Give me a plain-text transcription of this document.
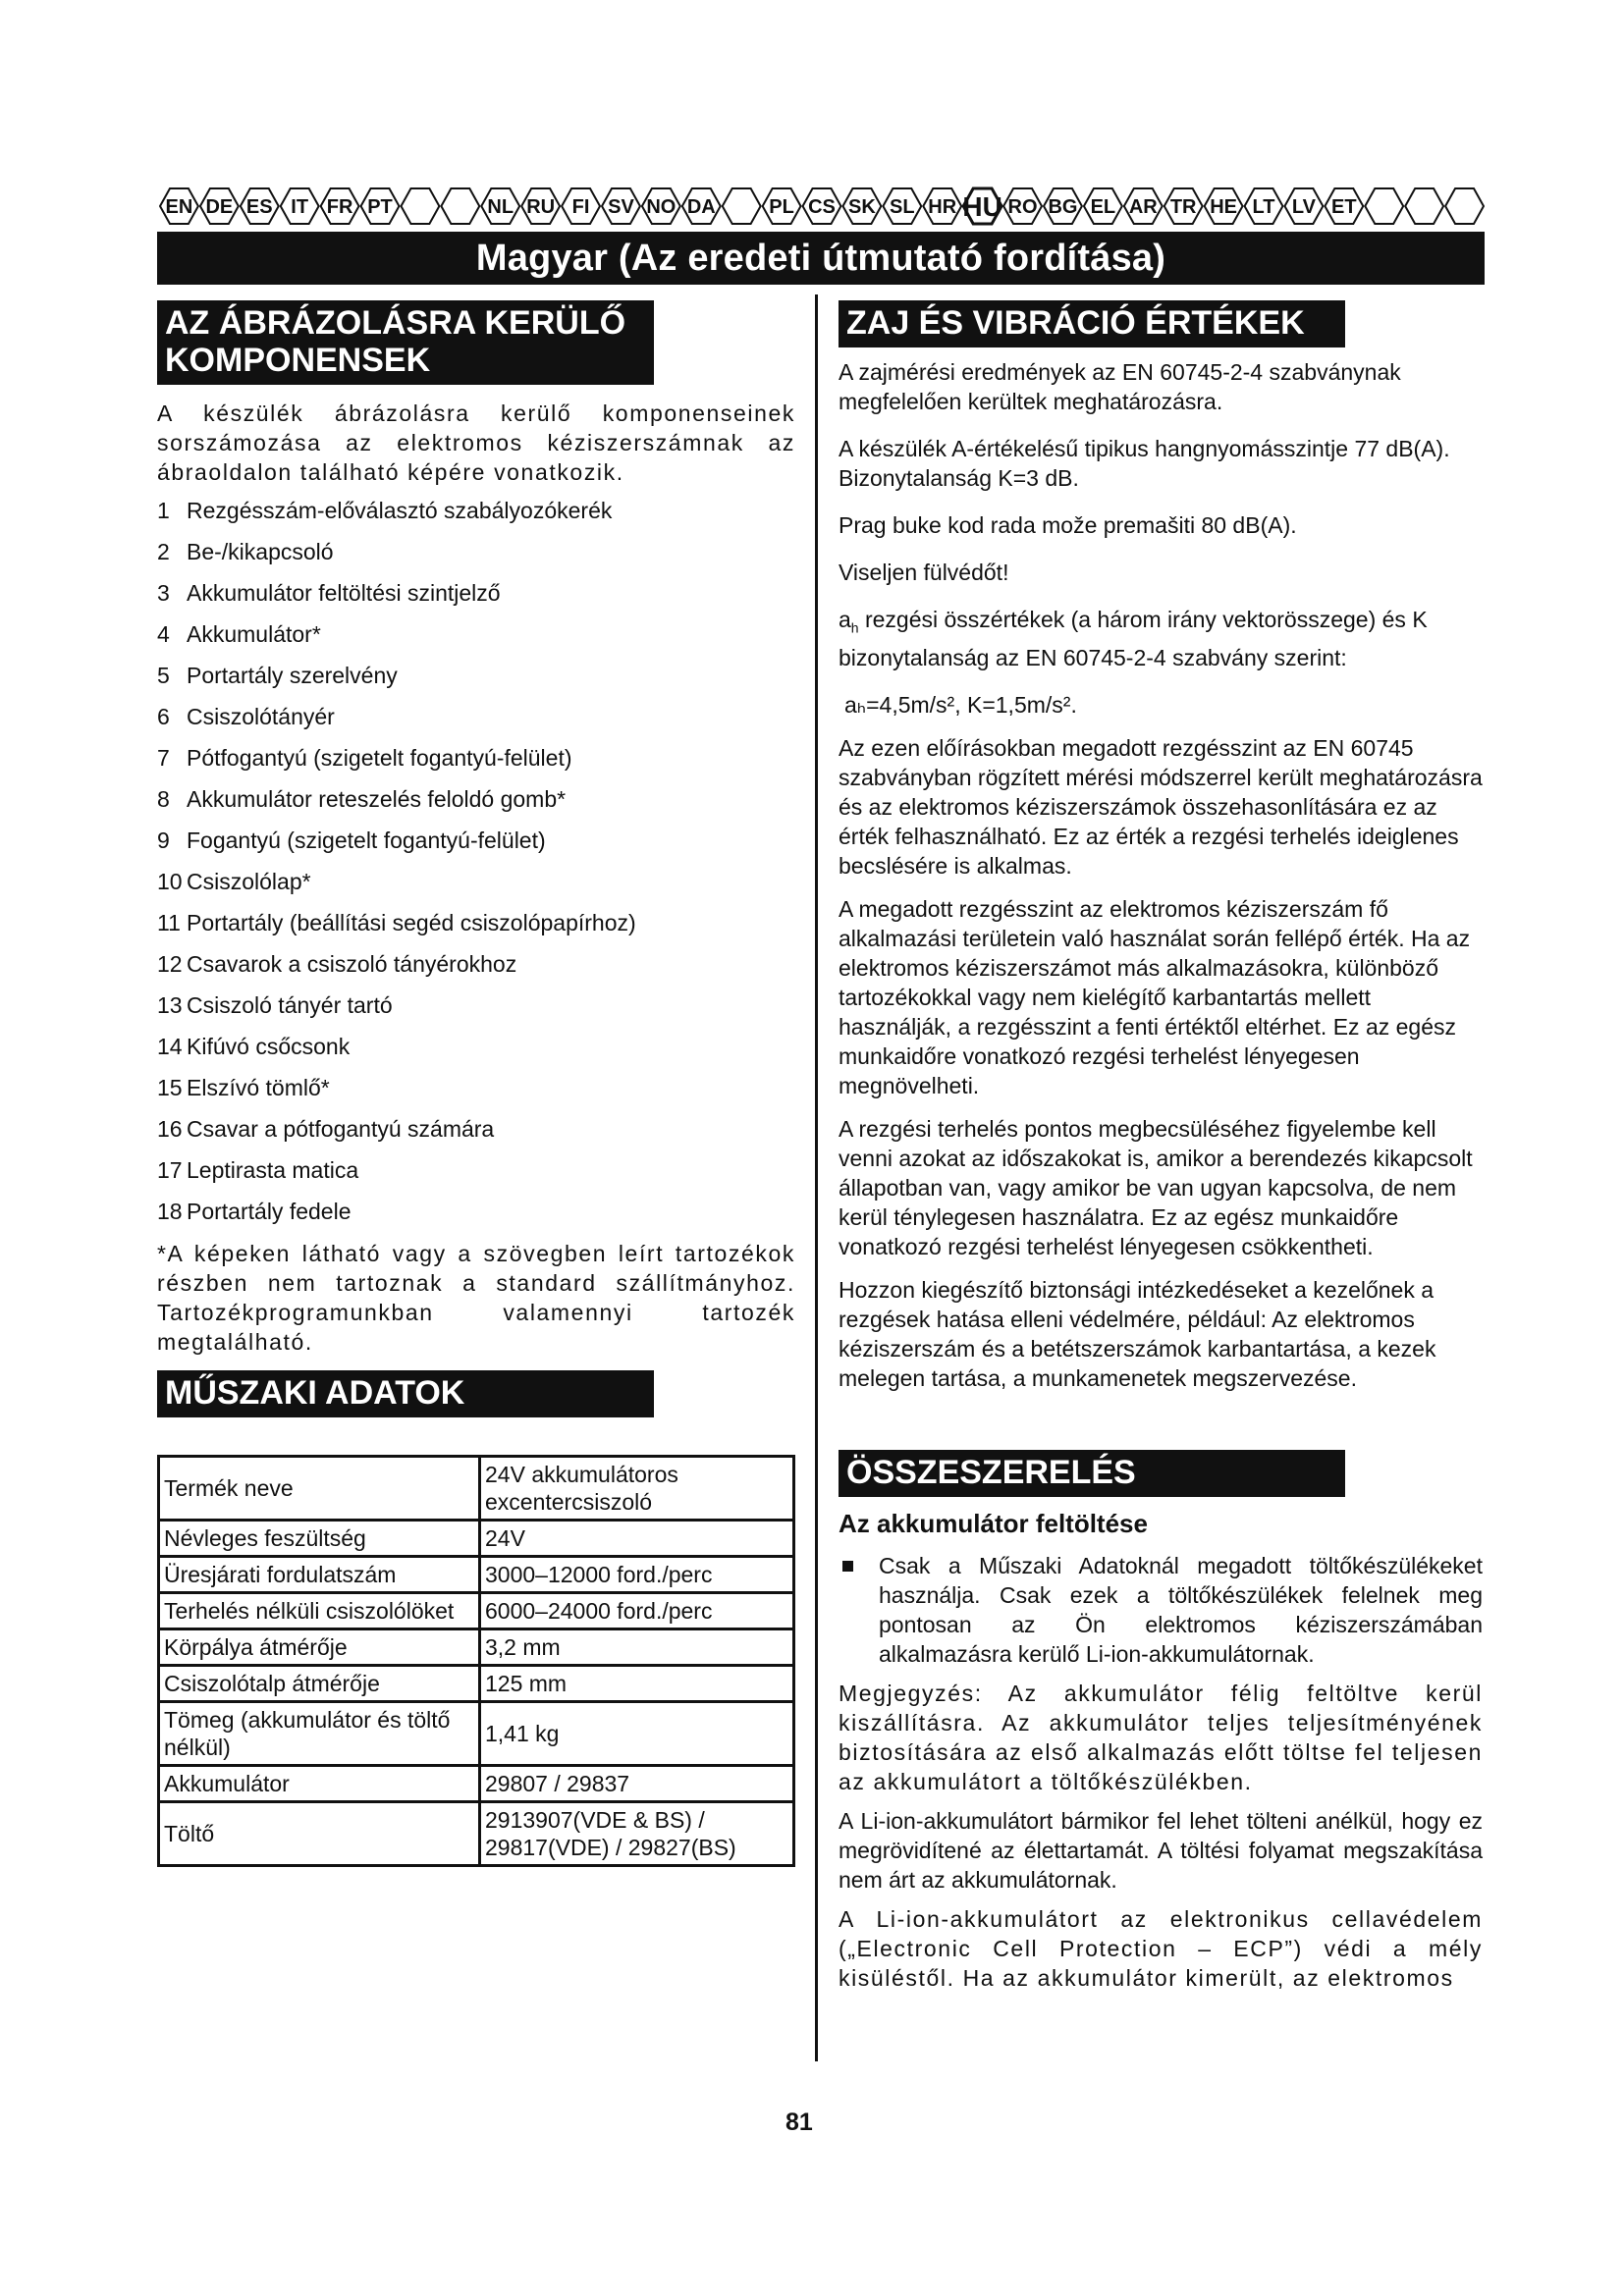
EN DE ES IT FR PT	NL RU FI SV NO DA	PL CS SK SL HR HU RO BG EL AR TR HE LT LV ET
Magyar (Az eredeti útmutató fordítása)
AZ ÁBRÁZOLÁSRA KERÜLŐ KOMPONENSEK

A készülék ábrázolásra kerülő komponenseinek sorszámozása az elektromos kéziszerszámnak az ábraoldalon található képére vonatkozik.

1 Rezgésszám-előválasztó szabályozókerék
2 Be-/kikapcsoló
3 Akkumulátor feltöltési szintjelző
4 Akkumulátor*
5 Portartály szerelvény
6 Csiszolótányér
7 Pótfogantyú (szigetelt fogantyú-felület)
8 Akkumulátor reteszelés feloldó gomb*
9 Fogantyú (szigetelt fogantyú-felület)
10 Csiszolólap*
11 Portartály (beállítási segéd csiszolópapírhoz)
12 Csavarok a csiszoló tányérokhoz
13 Csiszoló tányér tartó
14 Kifúvó csőcsonk
15 Elszívó tömlő*
16 Csavar a pótfogantyú számára
17 Leptirasta matica
18 Portartály fedele

*A képeken látható vagy a szövegben leírt tartozékok részben nem tartoznak a standard szállítmányhoz. Tartozékprogramunkban valamennyi tartozék megtalálható.

MŰSZAKI ADATOK
Termék neve	24V akkumulátoros excentercsiszoló
Névleges feszültség	24V
Üresjárati fordulatszám	3000–12000 ford./perc
Terhelés nélküli csiszolólöket	6000–24000 ford./perc
Körpálya átmérője	3,2 mm
Csiszolótalp átmérője	125 mm
Tömeg (akkumulátor és töltő nélkül)	1,41 kg
Akkumulátor	29807 / 29837
Töltő	2913907(VDE & BS) / 29817(VDE) / 29827(BS)
ZAJ ÉS VIBRÁCIÓ ÉRTÉKEK

A zajmérési eredmények az EN 60745-2-4 szabványnak megfelelően kerültek meghatározásra.

A készülék A-értékelésű tipikus hangnyomásszintje 77 dB(A). Bizonytalanság K=3 dB.

Prag buke kod rada može premašiti 80 dB(A).

Viseljen fülvédőt!

$a_h$ rezgési összértékek (a három irány vektorösszege) és K bizonytalanság az EN 60745-2-4 szabvány szerint:

aₕ=4,5m/s², K=1,5m/s².

Az ezen előírásokban megadott rezgésszint az EN 60745 szabványban rögzített mérési módszerrel került meghatározásra és az elektromos kéziszerszámok összehasonlítására ez az érték felhasználható. Ez az érték a rezgési terhelés ideiglenes becslésére is alkalmas.

A megadott rezgésszint az elektromos kéziszerszám fő alkalmazási területein való használat során fellépő érték. Ha az elektromos kéziszerszámot más alkalmazásokra, különböző tartozékokkal vagy nem kielégítő karbantartás mellett használják, a rezgésszint a fenti értéktől eltérhet. Ez az egész munkaidőre vonatkozó rezgési terhelést lényegesen megnövelheti.

A rezgési terhelés pontos megbecsüléséhez figyelembe kell venni azokat az időszakokat is, amikor a berendezés kikapcsolt állapotban van, vagy amikor be van ugyan kapcsolva, de nem kerül ténylegesen használatra. Ez az egész munkaidőre vonatkozó rezgési terhelést lényegesen csökkentheti.

Hozzon kiegészítő biztonsági intézkedéseket a kezelőnek a rezgések hatása elleni védelmére, például: Az elektromos kéziszerszám és a betétszerszámok karbantartása, a kezek melegen tartása, a munkamenetek megszervezése.

ÖSSZESZERELÉS
Az akkumulátor feltöltése

Csak a Műszaki Adatoknál megadott töltőkészülékeket használja. Csak ezek a töltőkészülékek felelnek meg pontosan az Ön elektromos kéziszerszámában alkalmazásra kerülő Li-ion-akkumulátornak.

Megjegyzés: Az akkumulátor félig feltöltve kerül kiszállításra. Az akkumulátor teljes teljesítményének biztosítására az első alkalmazás előtt töltse fel teljesen az akkumulátort a töltőkészülékben.

A Li-ion-akkumulátort bármikor fel lehet tölteni anélkül, hogy ez megrövidítené az élettartamát. A töltési folyamat megszakítása nem árt az akkumulátornak.

A Li-ion-akkumulátort az elektronikus cellavédelem („Electronic Cell Protection – ECP”) védi a mély kisüléstől. Ha az akkumulátor kimerült, az elektromos

81
